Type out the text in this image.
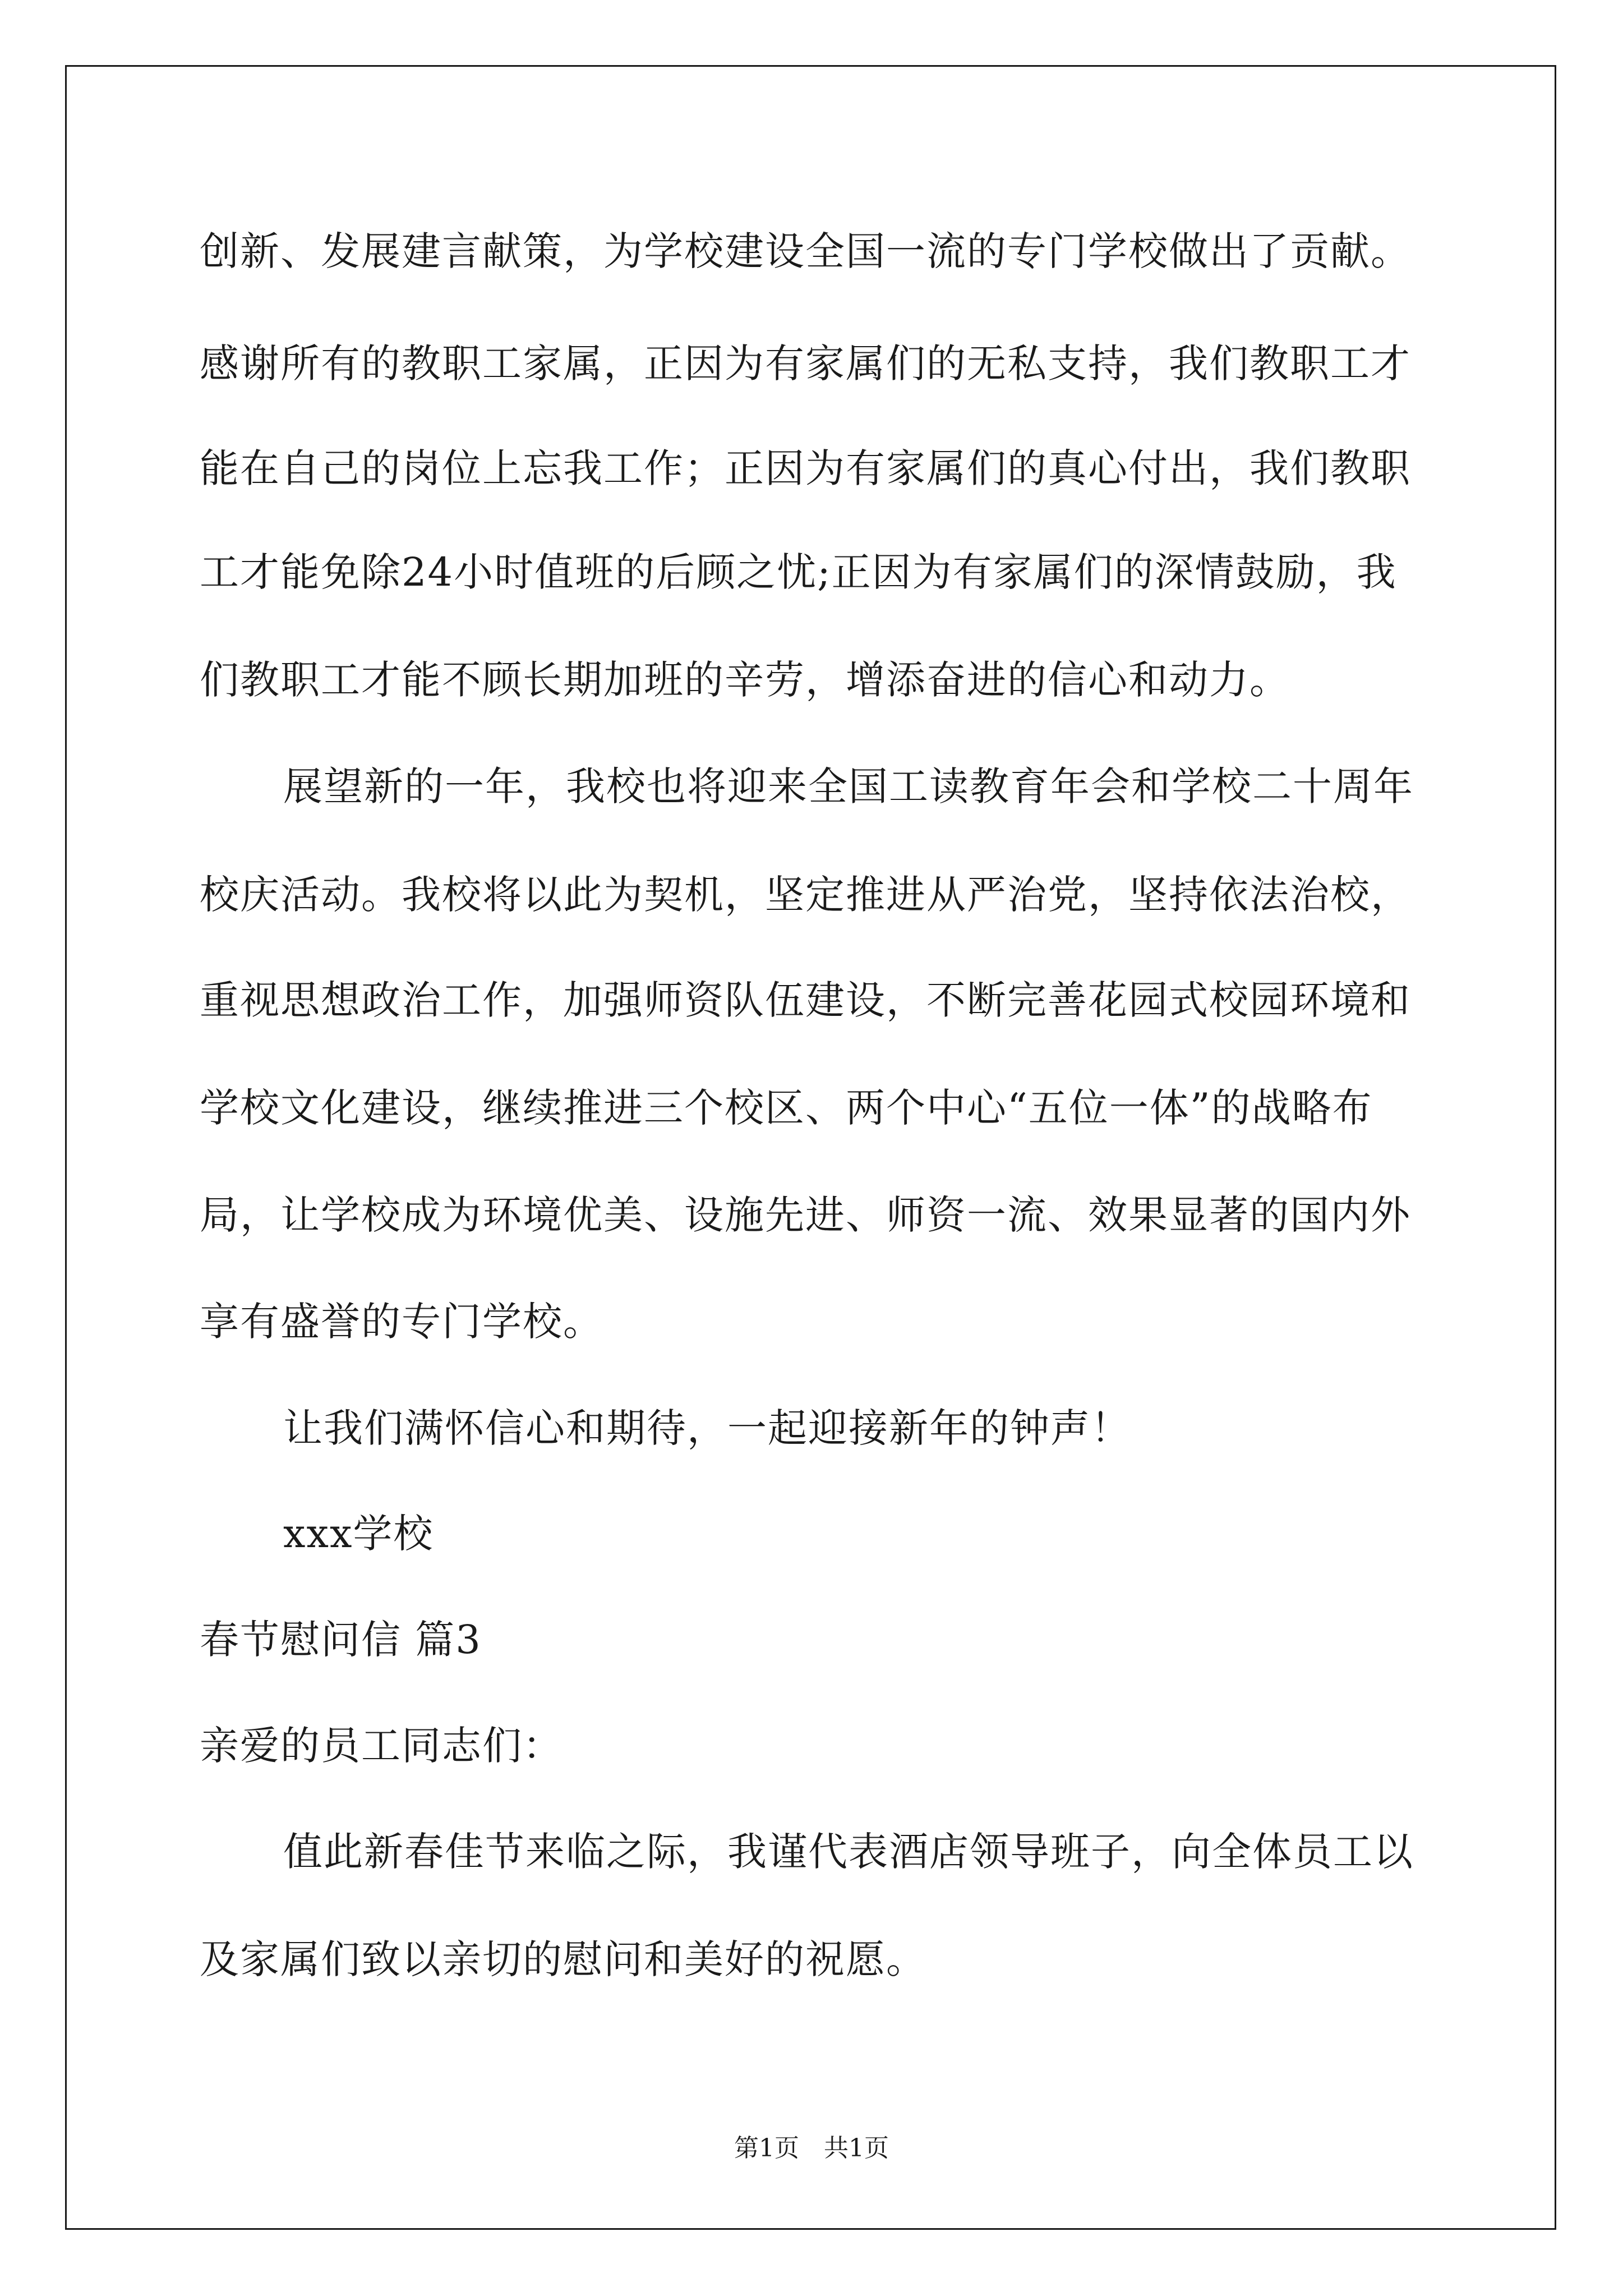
创新、发展建言献策，为学校建设全国一流的专门学校做出了贡献。
感谢所有的教职工家属，正因为有家属们的无私支持，我们教职工才
能在自己的岗位上忘我工作；正因为有家属们的真心付出，我们教职
工才能免除24小时值班的后顾之忧;正因为有家属们的深情鼓励，我
们教职工才能不顾长期加班的辛劳，增添奋进的信心和动力。
展望新的一年，我校也将迎来全国工读教育年会和学校二十周年
校庆活动。我校将以此为契机，坚定推进从严治党，坚持依法治校，
重视思想政治工作，加强师资队伍建设，不断完善花园式校园环境和
学校文化建设，继续推进三个校区、两个中心“五位一体”的战略布
局，让学校成为环境优美、设施先进、师资一流、效果显著的国内外
享有盛誉的专门学校。
让我们满怀信心和期待，一起迎接新年的钟声！
xxx学校
春节慰问信 篇3
亲爱的员工同志们：
值此新春佳节来临之际，我谨代表酒店领导班子，向全体员工以
及家属们致以亲切的慰问和美好的祝愿。
第1页　共1页
